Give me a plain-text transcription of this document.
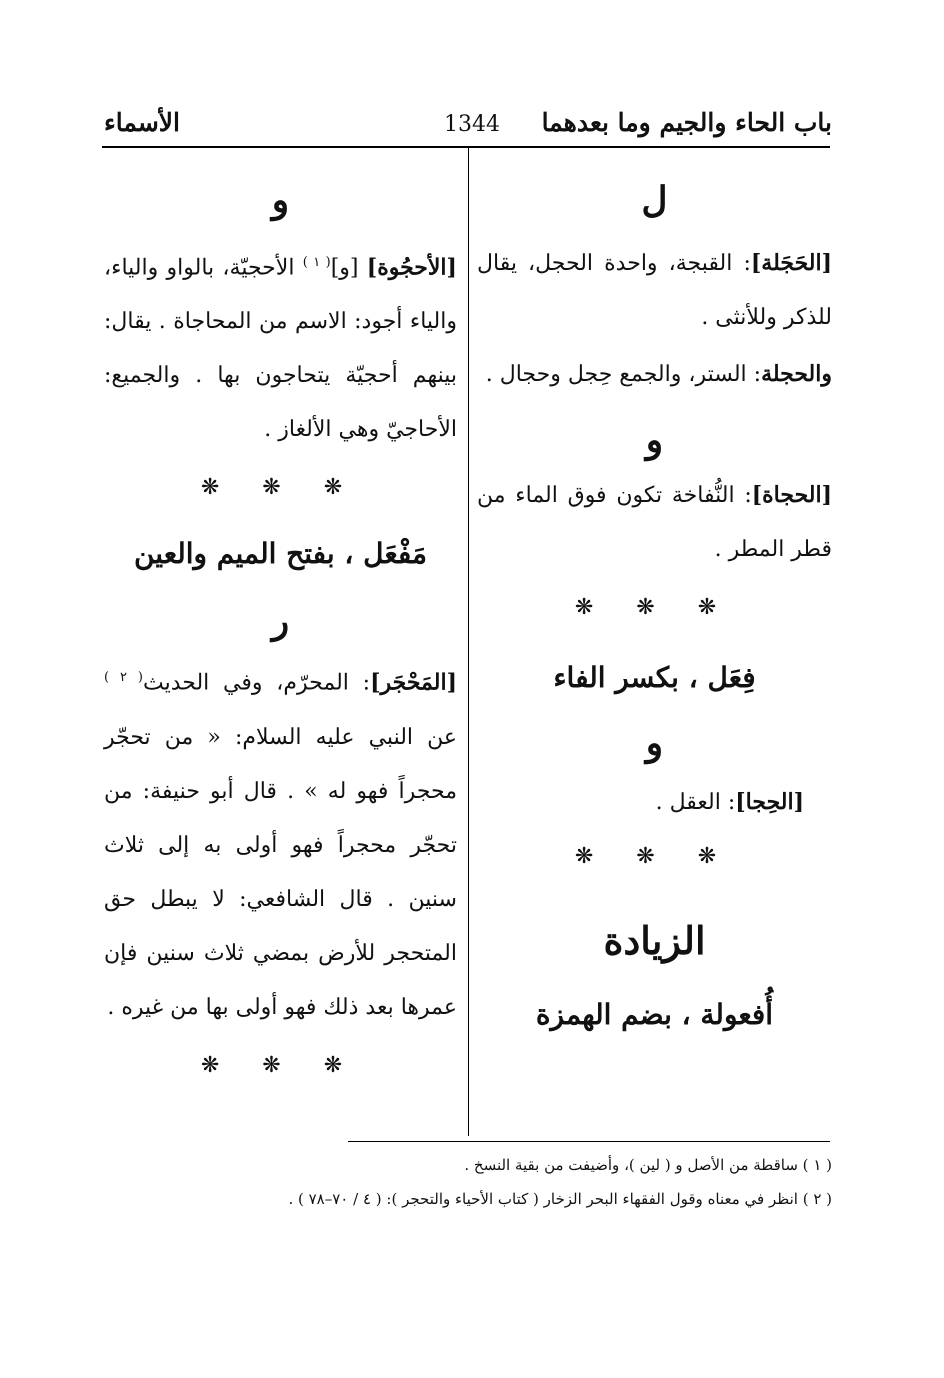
باب الحاء والجيم وما بعدهما
1344
الأسماء
ل

[الحَجَلة]: القبجة، واحدة الحجل، يقال للذكر وللأنثى .

والحجلة: الستر، والجمع حِجل وحجال .

و

[الحجاة]: النُّفاخة تكون فوق الماء من قطر المطر .

❋ ❋ ❋
فِعَل ، بكسر الفاء
و

[الحِجا]: العقل .

❋ ❋ ❋
الزيادة
أُفعولة ، بضم الهمزة
و

[الأحجُوة] [و]$^{( ١ )}$ الأحجيّة، بالواو والياء، والياء أجود: الاسم من المحاجاة . يقال: بينهم أحجيّة يتحاجون بها . والجميع: الأحاجيّ وهي الألغاز .

❋ ❋ ❋
مَفْعَل ، بفتح الميم والعين
ر

[المَحْجَر]: المحرّم، وفي الحديث$^{( ٢ )}$ عن النبي عليه السلام: « من تحجّر محجراً فهو له » . قال أبو حنيفة: من تحجّر محجراً فهو أولى به إلى ثلاث سنين . قال الشافعي: لا يبطل حق المتحجر للأرض بمضي ثلاث سنين فإن عمرها بعد ذلك فهو أولى بها من غيره .

❋ ❋ ❋
( ١ ) ساقطة من الأصل و ( لين )، وأضيفت من بقية النسخ .
( ٢ ) انظر في معناه وقول الفقهاء البحر الزخار ( كتاب الأحياء والتحجر ): ( ٤ / ٧٠–٧٨ ) .
